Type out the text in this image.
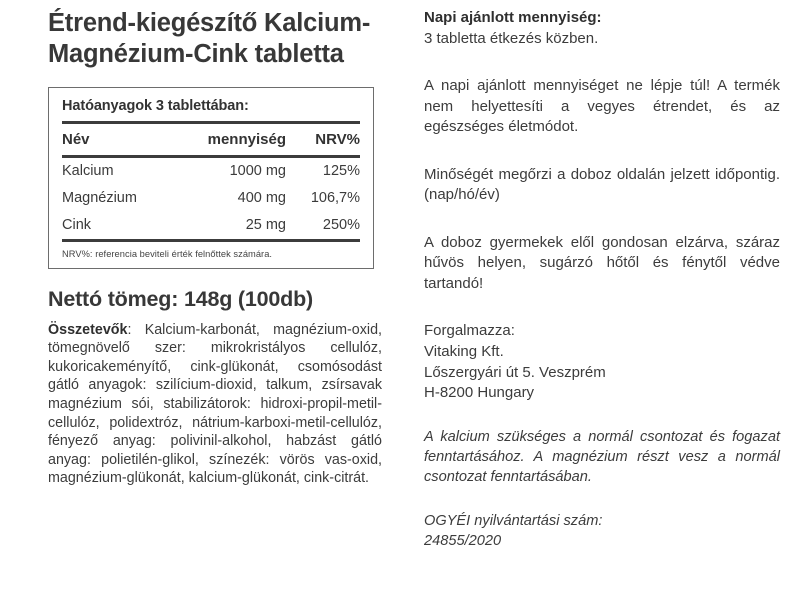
Étrend-kiegészítő Kalcium-Magnézium-Cink tabletta
Hatóanyagok 3 tablettában:
Név	mennyiség	NRV%
Kalcium	1000 mg	125%
Magnézium	400 mg	106,7%
Cink	25 mg	250%
NRV%: referencia beviteli érték felnőttek számára.
Nettó tömeg: 148g (100db)

Összetevők: Kalcium-karbonát, magnézium-oxid, tömegnövelő szer: mikrokristályos cellulóz, kukoricakeményítő, cink-glükonát, csomósodást gátló anyagok: szilícium-dioxid, talkum, zsírsavak magnézium sói, stabilizátorok: hidroxi-propil-metil-cellulóz, polidextróz, nátrium-karboxi-metil-cellulóz, fényező anyag: polivinil-alkohol, habzást gátló anyag: polietilén-glikol, színezék: vörös vas-oxid, magnézium-glükonát, kalcium-glükonát, cink-citrát.

Napi ajánlott mennyiség:
3 tabletta étkezés közben.

A napi ajánlott mennyiséget ne lépje túl! A termék nem helyettesíti a vegyes étrendet, és az egészséges életmódot.

Minőségét megőrzi a doboz oldalán jelzett időpontig. (nap/hó/év)

A doboz gyermekek elől gondosan elzárva, száraz hűvös helyen, sugárzó hőtől és fénytől védve tartandó!

Forgalmazza:
Vitaking Kft.
Lőszergyári út 5. Veszprém
H-8200 Hungary

A kalcium szükséges a normál csontozat és fogazat fenntartásához. A magnézium részt vesz a normál csontozat fenntartásában.

OGYÉI nyilvántartási szám:
24855/2020
